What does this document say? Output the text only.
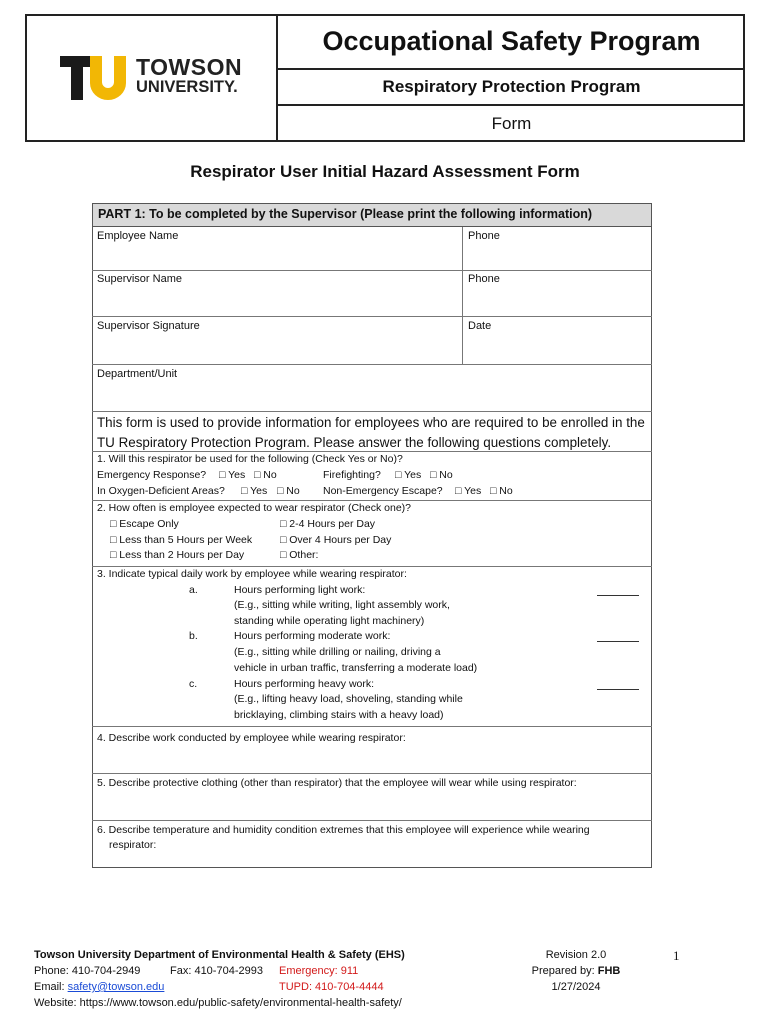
TOWSON
UNIVERSITY.
Occupational Safety Program
Respiratory Protection Program
Form
Respirator User Initial Hazard Assessment Form
PART 1: To be completed by the Supervisor (Please print the following information)
Employee Name	Phone
Supervisor Name	Phone
Supervisor Signature	Date
Department/Unit
This form is used to provide information for employees who are required to be enrolled in the TU Respiratory Protection Program. Please answer the following questions completely.
1. Will this respirator be used for the following (Check Yes or No)?
Emergency Response? □ Yes □ No	Firefighting? □ Yes □ No
In Oxygen-Deficient Areas? □ Yes □ No Non-Emergency Escape? □ Yes □ No
2. How often is employee expected to wear respirator (Check one)?
□ Escape Only	□ 2-4 Hours per Day
□ Less than 5 Hours per Week	□ Over 4 Hours per Day
□ Less than 2 Hours per Day	□ Other:
3. Indicate typical daily work by employee while wearing respirator:
a.	Hours performing light work:
(E.g., sitting while writing, light assembly work,
standing while operating light machinery)
b.	Hours performing moderate work:
(E.g., sitting while drilling or nailing, driving a
vehicle in urban traffic, transferring a moderate load)
c.	Hours performing heavy work:
(E.g., lifting heavy load, shoveling, standing while
bricklaying, climbing stairs with a heavy load)
4. Describe work conducted by employee while wearing respirator:
5. Describe protective clothing (other than respirator) that the employee will wear while using respirator:
6. Describe temperature and humidity condition extremes that this employee will experience while wearing
respirator:
Towson University Department of Environmental Health & Safety (EHS)
Phone: 410-704-2949	Fax: 410-704-2993 Emergency: 911
Email: safety@towson.edu	TUPD: 410-704-4444
Website: https://www.towson.edu/public-safety/environmental-health-safety/
Revision 2.0
Prepared by: FHB
1/27/2024
1
